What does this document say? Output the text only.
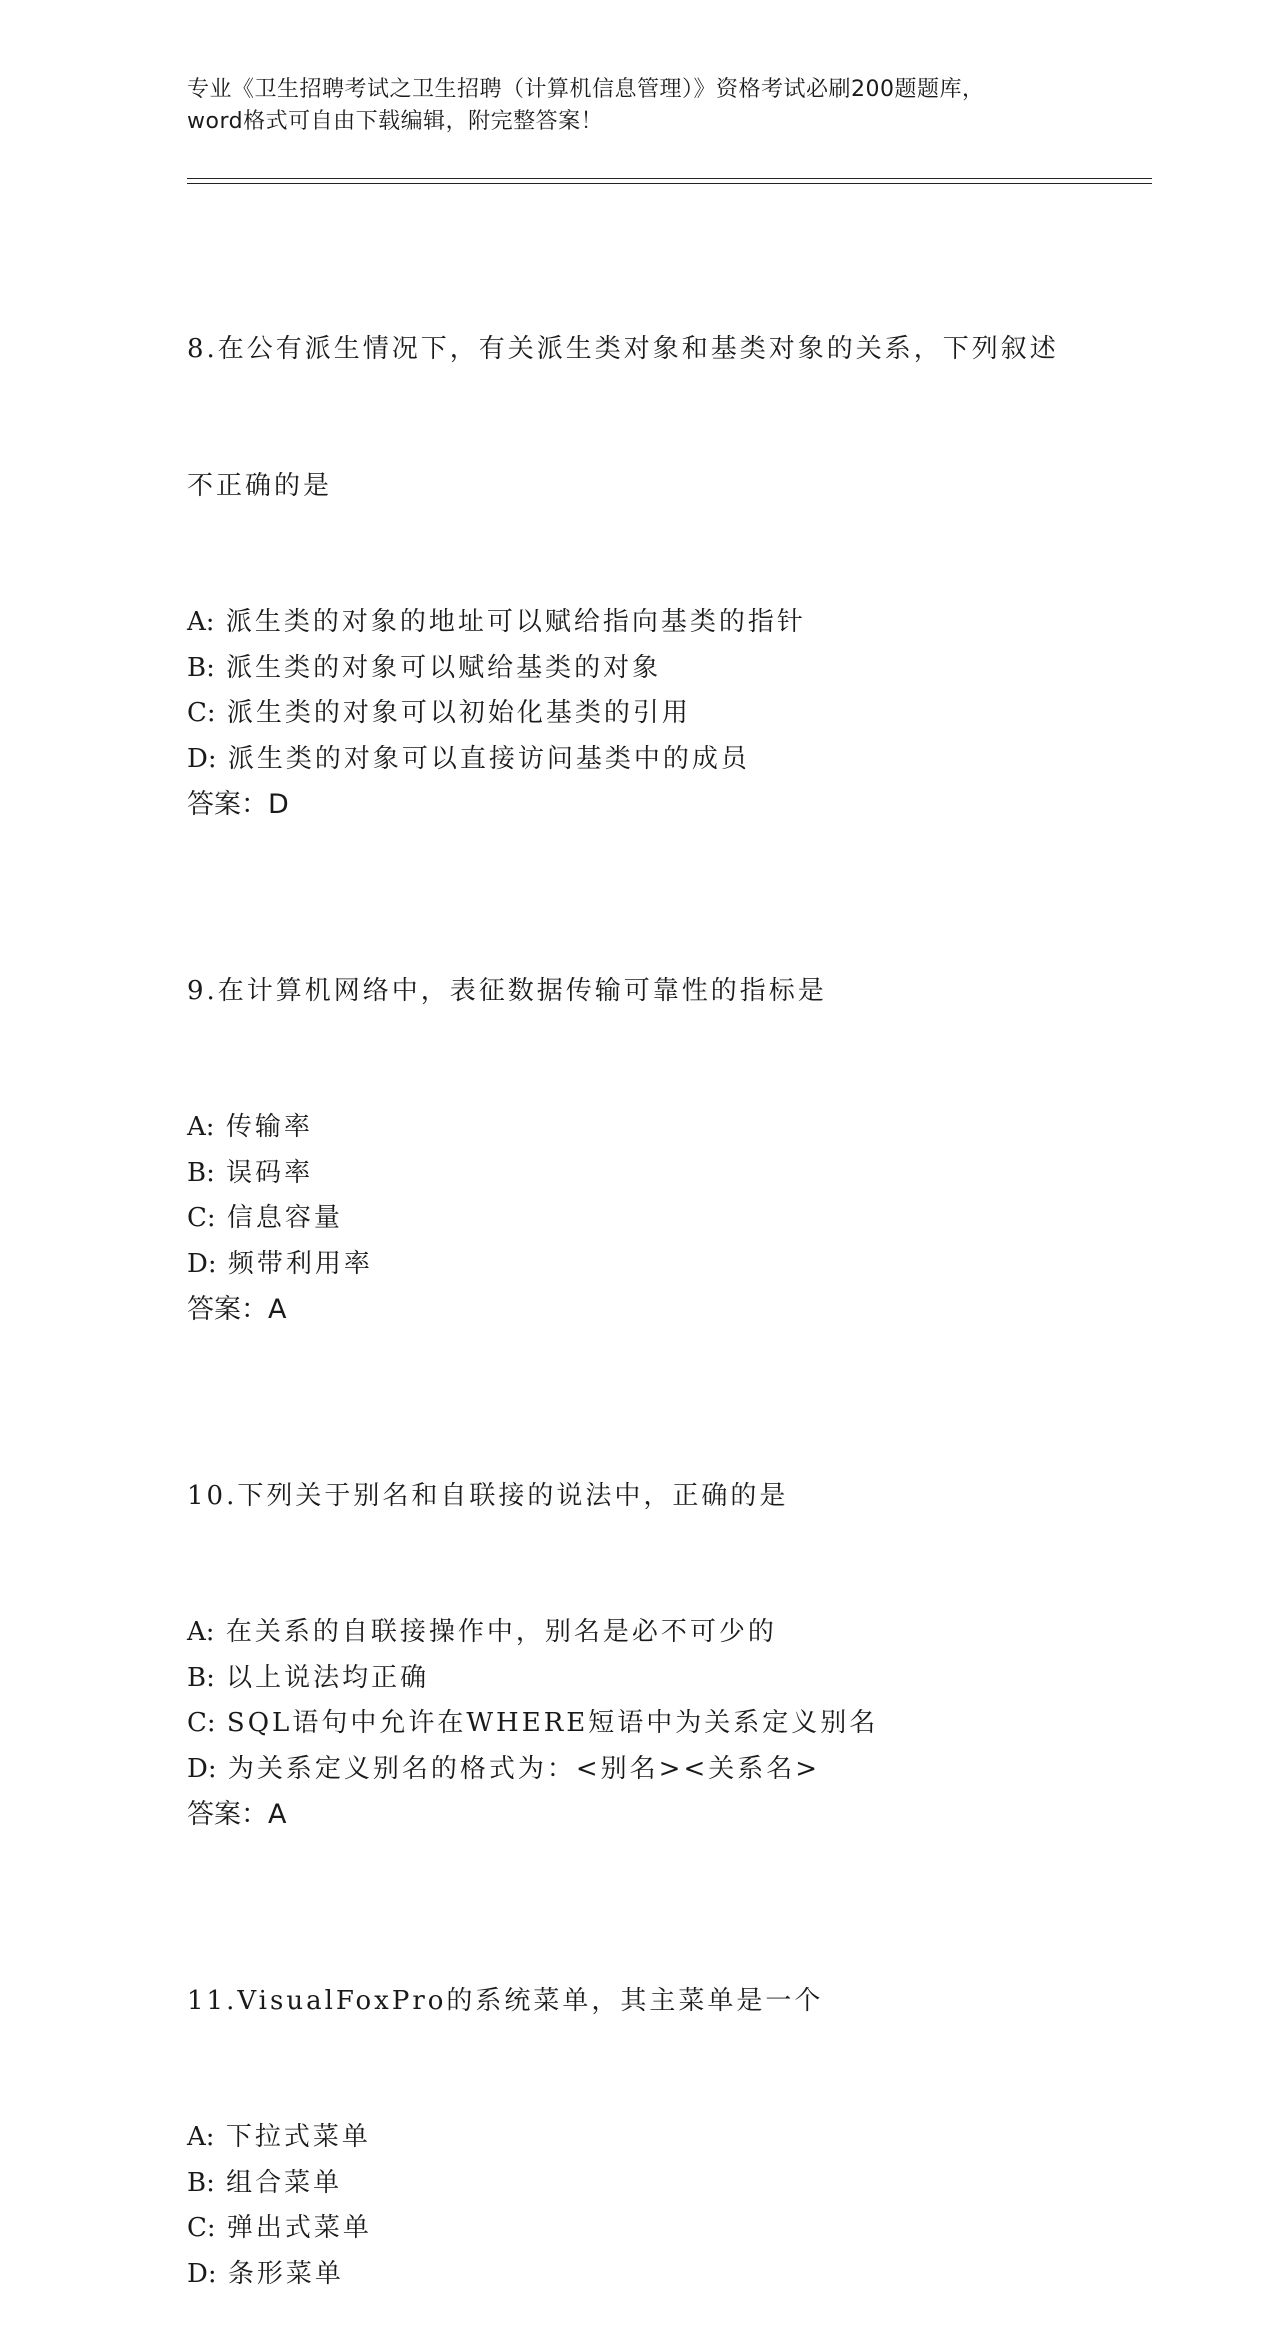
专业《卫生招聘考试之卫生招聘（计算机信息管理）》资格考试必刷200题题库，
word格式可自由下载编辑，附完整答案！

8.在公有派生情况下，有关派生类对象和基类对象的关系，下列叙述

不正确的是

A: 派生类的对象的地址可以赋给指向基类的指针
B: 派生类的对象可以赋给基类的对象
C: 派生类的对象可以初始化基类的引用
D: 派生类的对象可以直接访问基类中的成员
答案：D

9.在计算机网络中，表征数据传输可靠性的指标是

A: 传输率
B: 误码率
C: 信息容量
D: 频带利用率
答案：A

10.下列关于别名和自联接的说法中，正确的是

A: 在关系的自联接操作中，别名是必不可少的
B: 以上说法均正确
C: SQL语句中允许在WHERE短语中为关系定义别名
D: 为关系定义别名的格式为：<别名><关系名>
答案：A

11.VisualFoxPro的系统菜单，其主菜单是一个

A: 下拉式菜单
B: 组合菜单
C: 弹出式菜单
D: 条形菜单
